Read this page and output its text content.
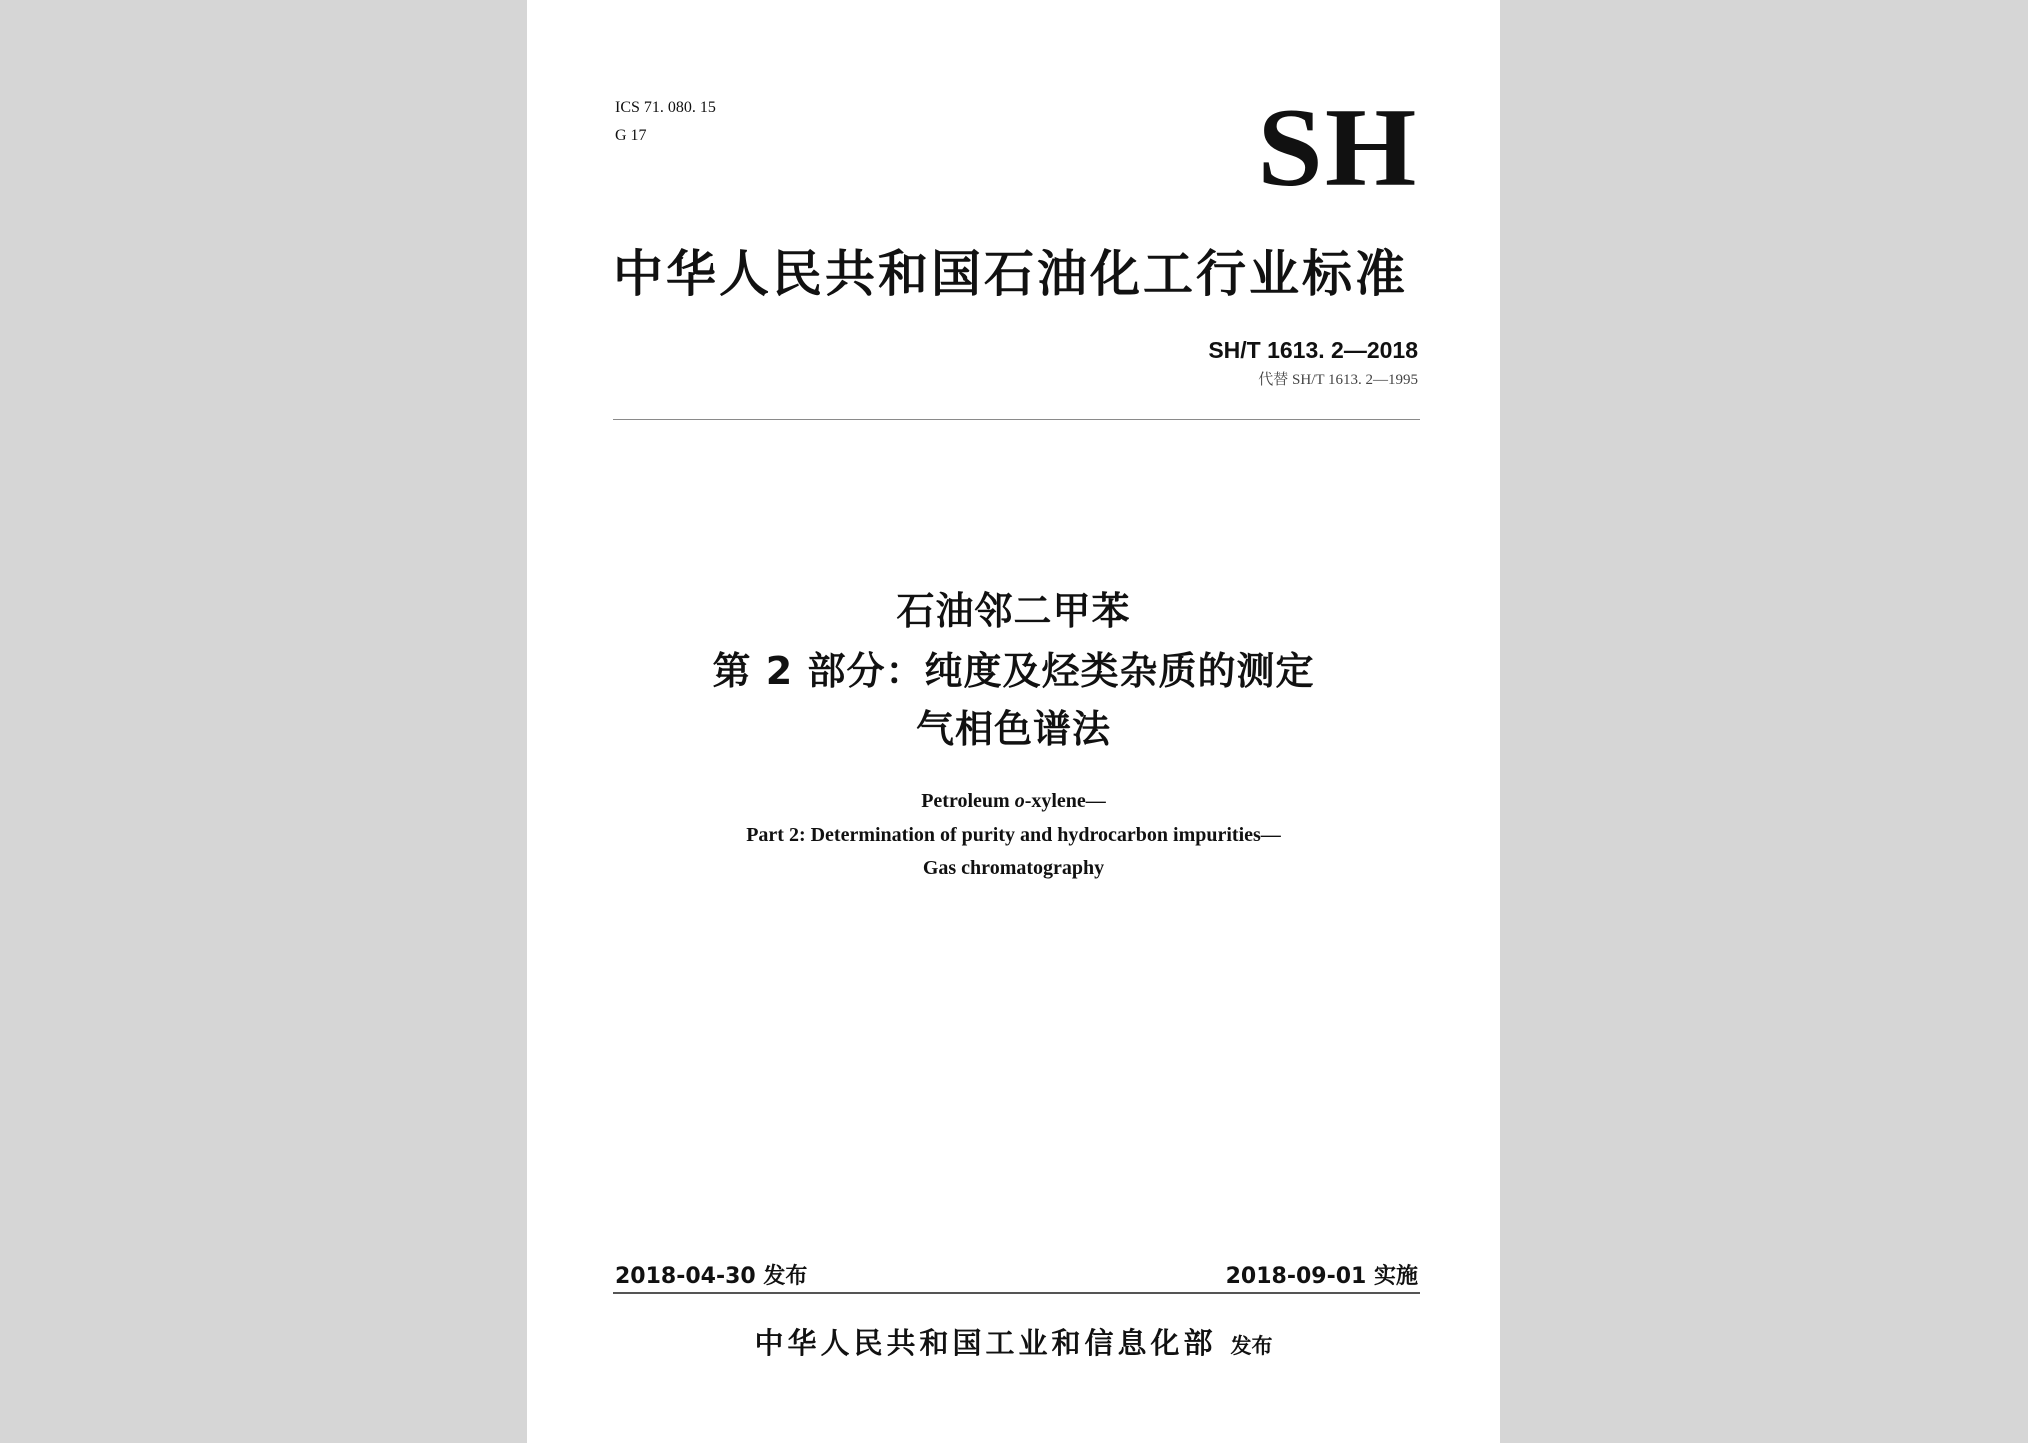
ICS 71. 080. 15
G 17	SH
中华人民共和国石油化工行业标准
SH/T 1613. 2—2018
代替 SH/T 1613. 2—1995
石油邻二甲苯
第 2 部分：纯度及烃类杂质的测定
气相色谱法
Petroleum o-xylene—
Part 2: Determination of purity and hydrocarbon impurities—
Gas chromatography
2018-04-30 发布	2018-09-01 实施
中华人民共和国工业和信息化部 发布
